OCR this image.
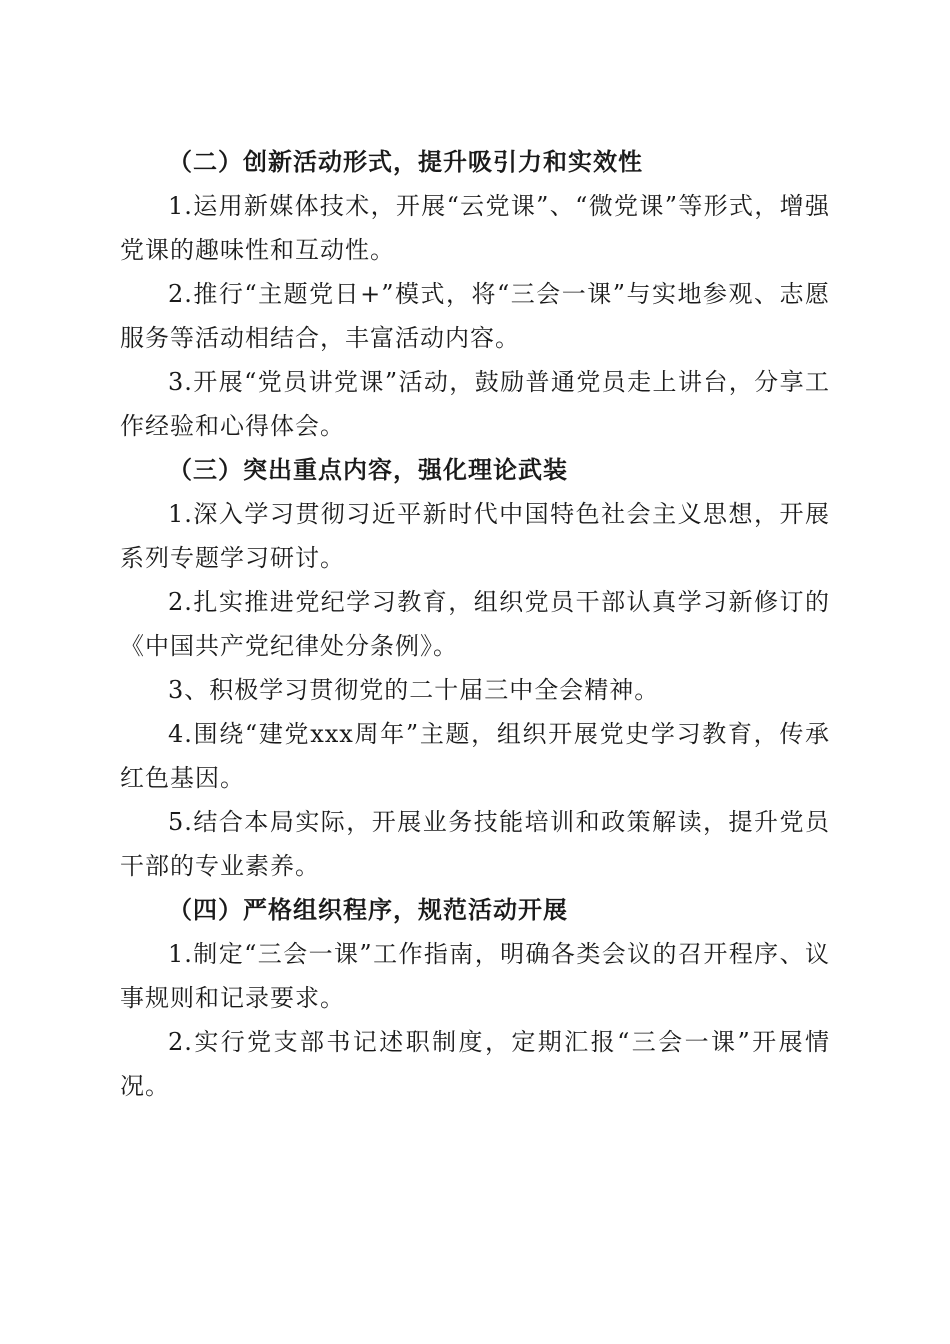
（二）创新活动形式，提升吸引力和实效性

1.运用新媒体技术，开展“云党课”、“微党课”等形式，增强党课的趣味性和互动性。

2.推行“主题党日+”模式，将“三会一课”与实地参观、志愿服务等活动相结合，丰富活动内容。

3.开展“党员讲党课”活动，鼓励普通党员走上讲台，分享工作经验和心得体会。

（三）突出重点内容，强化理论武装

1.深入学习贯彻习近平新时代中国特色社会主义思想，开展系列专题学习研讨。

2.扎实推进党纪学习教育，组织党员干部认真学习新修订的《中国共产党纪律处分条例》。

3、积极学习贯彻党的二十届三中全会精神。

4.围绕“建党xxx周年”主题，组织开展党史学习教育，传承红色基因。

5.结合本局实际，开展业务技能培训和政策解读，提升党员干部的专业素养。

（四）严格组织程序，规范活动开展

1.制定“三会一课”工作指南，明确各类会议的召开程序、议事规则和记录要求。

2.实行党支部书记述职制度，定期汇报“三会一课”开展情况。
